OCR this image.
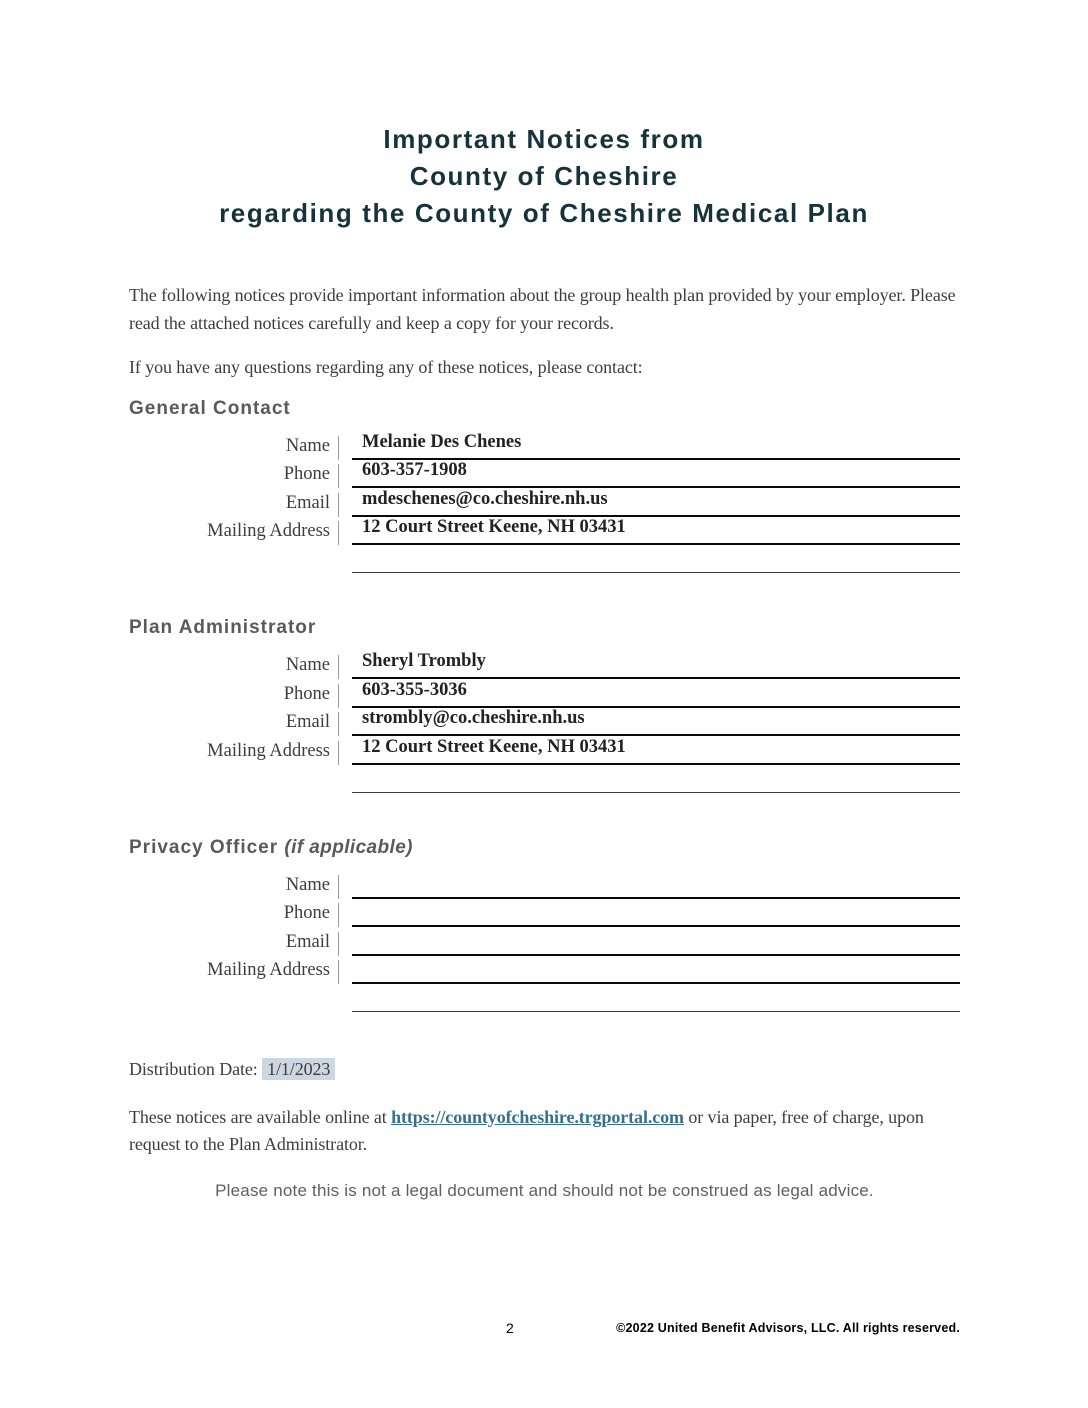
Important Notices from
County of Cheshire
regarding the County of Cheshire Medical Plan

The following notices provide important information about the group health plan provided by your employer. Please read the attached notices carefully and keep a copy for your records.

If you have any questions regarding any of these notices, please contact:

General Contact
Name	Melanie Des Chenes
Phone	603-357-1908
Email	mdeschenes@co.cheshire.nh.us
Mailing Address	12 Court Street Keene, NH 03431
Plan Administrator
Name	Sheryl Trombly
Phone	603-355-3036
Email	strombly@co.cheshire.nh.us
Mailing Address	12 Court Street Keene, NH 03431
Privacy Officer (if applicable)
Name
Phone
Email
Mailing Address

Distribution Date: 1/1/2023

These notices are available online at https://countyofcheshire.trgportal.com or via paper, free of charge, upon request to the Plan Administrator.

Please note this is not a legal document and should not be construed as legal advice.

2	©2022 United Benefit Advisors, LLC. All rights reserved.
